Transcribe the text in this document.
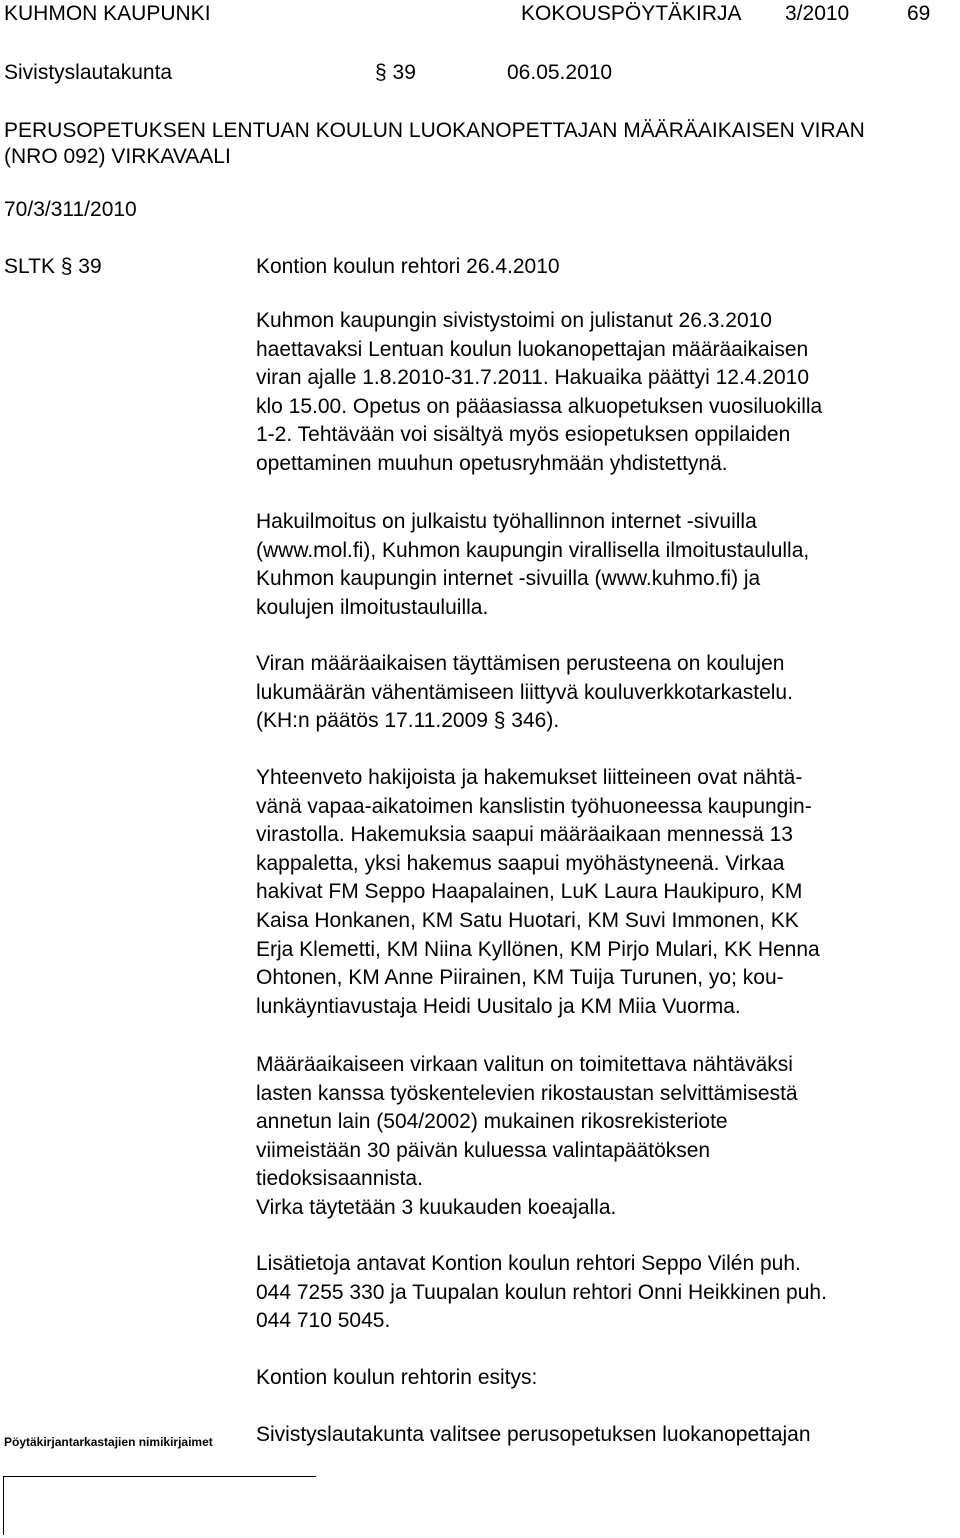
KUHMON KAUPUNKI	KOKOUSPÖYTÄKIRJA 3/2010	69
Sivistyslautakunta	§ 39	06.05.2010
PERUSOPETUKSEN LENTUAN KOULUN LUOKANOPETTAJAN MÄÄRÄAIKAISEN VIRAN
(NRO 092) VIRKAVAALI
70/3/311/2010
SLTK § 39	Kontion koulun rehtori 26.4.2010

Kuhmon kaupungin sivistystoimi on julistanut 26.3.2010

haettavaksi Lentuan koulun luokanopettajan määräaikaisen

viran ajalle 1.8.2010-31.7.2011. Hakuaika päättyi 12.4.2010

klo 15.00. Opetus on pääasiassa alkuopetuksen vuosiluokilla

1-2. Tehtävään voi sisältyä myös esiopetuksen oppilaiden

opettaminen muuhun opetusryhmään yhdistettynä.

Hakuilmoitus on julkaistu työhallinnon internet -sivuilla

(www.mol.fi), Kuhmon kaupungin virallisella ilmoitustaululla,

Kuhmon kaupungin internet -sivuilla (www.kuhmo.fi) ja

koulujen ilmoitustauluilla.

Viran määräaikaisen täyttämisen perusteena on koulujen

lukumäärän vähentämiseen liittyvä kouluverkkotarkastelu.

(KH:n päätös 17.11.2009 § 346).

Yhteenveto hakijoista ja hakemukset liitteineen ovat nähtä-

vänä vapaa-aikatoimen kanslistin työhuoneessa kaupungin-

virastolla. Hakemuksia saapui määräaikaan mennessä 13

kappaletta, yksi hakemus saapui myöhästyneenä. Virkaa

hakivat FM Seppo Haapalainen, LuK Laura Haukipuro, KM

Kaisa Honkanen, KM Satu Huotari, KM Suvi Immonen, KK

Erja Klemetti, KM Niina Kyllönen, KM Pirjo Mulari, KK Henna

Ohtonen, KM Anne Piirainen, KM Tuija Turunen, yo; kou-

lunkäyntiavustaja Heidi Uusitalo ja KM Miia Vuorma.

Määräaikaiseen virkaan valitun on toimitettava nähtäväksi

lasten kanssa työskentelevien rikostaustan selvittämisestä

annetun lain (504/2002) mukainen rikosrekisteriote

viimeistään 30 päivän kuluessa valintapäätöksen

tiedoksisaannista.

Virka täytetään 3 kuukauden koeajalla.

Lisätietoja antavat Kontion koulun rehtori Seppo Vilén puh.

044 7255 330 ja Tuupalan koulun rehtori Onni Heikkinen puh.

044 710 5045.

Kontion koulun rehtorin esitys:

Sivistyslautakunta valitsee perusopetuksen luokanopettajan

Pöytäkirjantarkastajien nimikirjaimet
